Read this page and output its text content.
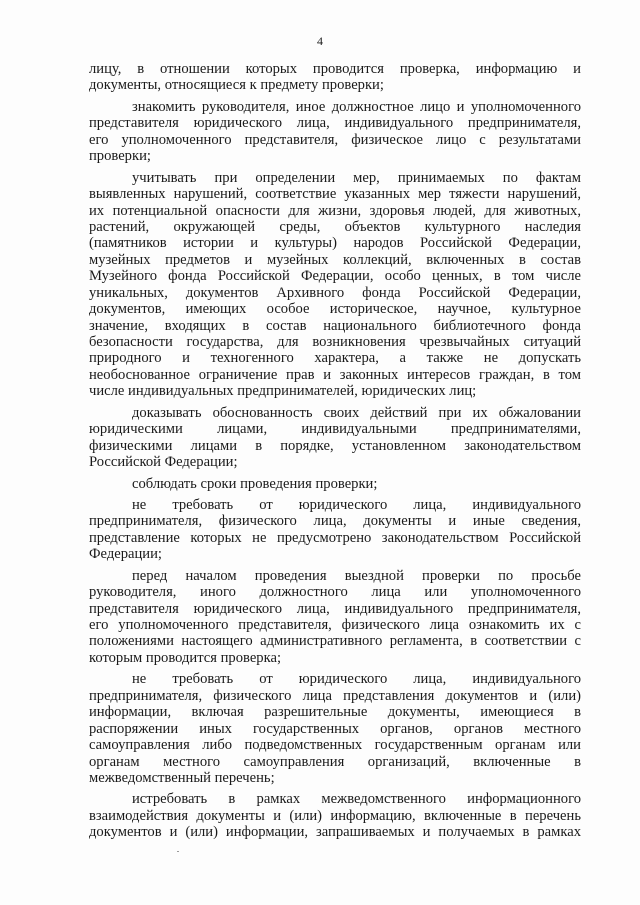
4
лицу, в отношении которых проводится проверка, информацию и
документы, относящиеся к предмету проверки;
знакомить руководителя, иное должностное лицо и уполномоченного
представителя юридического лица, индивидуального предпринимателя,
его уполномоченного представителя, физическое лицо с результатами
проверки;
учитывать при определении мер, принимаемых по фактам
выявленных нарушений, соответствие указанных мер тяжести нарушений,
их потенциальной опасности для жизни, здоровья людей, для животных,
растений, окружающей среды, объектов культурного наследия
(памятников истории и культуры) народов Российской Федерации,
музейных предметов и музейных коллекций, включенных в состав
Музейного фонда Российской Федерации, особо ценных, в том числе
уникальных, документов Архивного фонда Российской Федерации,
документов, имеющих особое историческое, научное, культурное
значение, входящих в состав национального библиотечного фонда
безопасности государства, для возникновения чрезвычайных ситуаций
природного и техногенного характера, а также не допускать
необоснованное ограничение прав и законных интересов граждан, в том
числе индивидуальных предпринимателей, юридических лиц;
доказывать обоснованность своих действий при их обжаловании
юридическими лицами, индивидуальными предпринимателями,
физическими лицами в порядке, установленном законодательством
Российской Федерации;
соблюдать сроки проведения проверки;
не требовать от юридического лица, индивидуального
предпринимателя, физического лица, документы и иные сведения,
представление которых не предусмотрено законодательством Российской
Федерации;
перед началом проведения выездной проверки по просьбе
руководителя, иного должностного лица или уполномоченного
представителя юридического лица, индивидуального предпринимателя,
его уполномоченного представителя, физического лица ознакомить их с
положениями настоящего административного регламента, в соответствии с
которым проводится проверка;
не требовать от юридического лица, индивидуального
предпринимателя, физического лица представления документов и (или)
информации, включая разрешительные документы, имеющиеся в
распоряжении иных государственных органов, органов местного
самоуправления либо подведомственных государственным органам или
органам местного самоуправления организаций, включенные в
межведомственный перечень;
истребовать в рамках межведомственного информационного
взаимодействия документы и (или) информацию, включенные в перечень
документов и (или) информации, запрашиваемых и получаемых в рамках
